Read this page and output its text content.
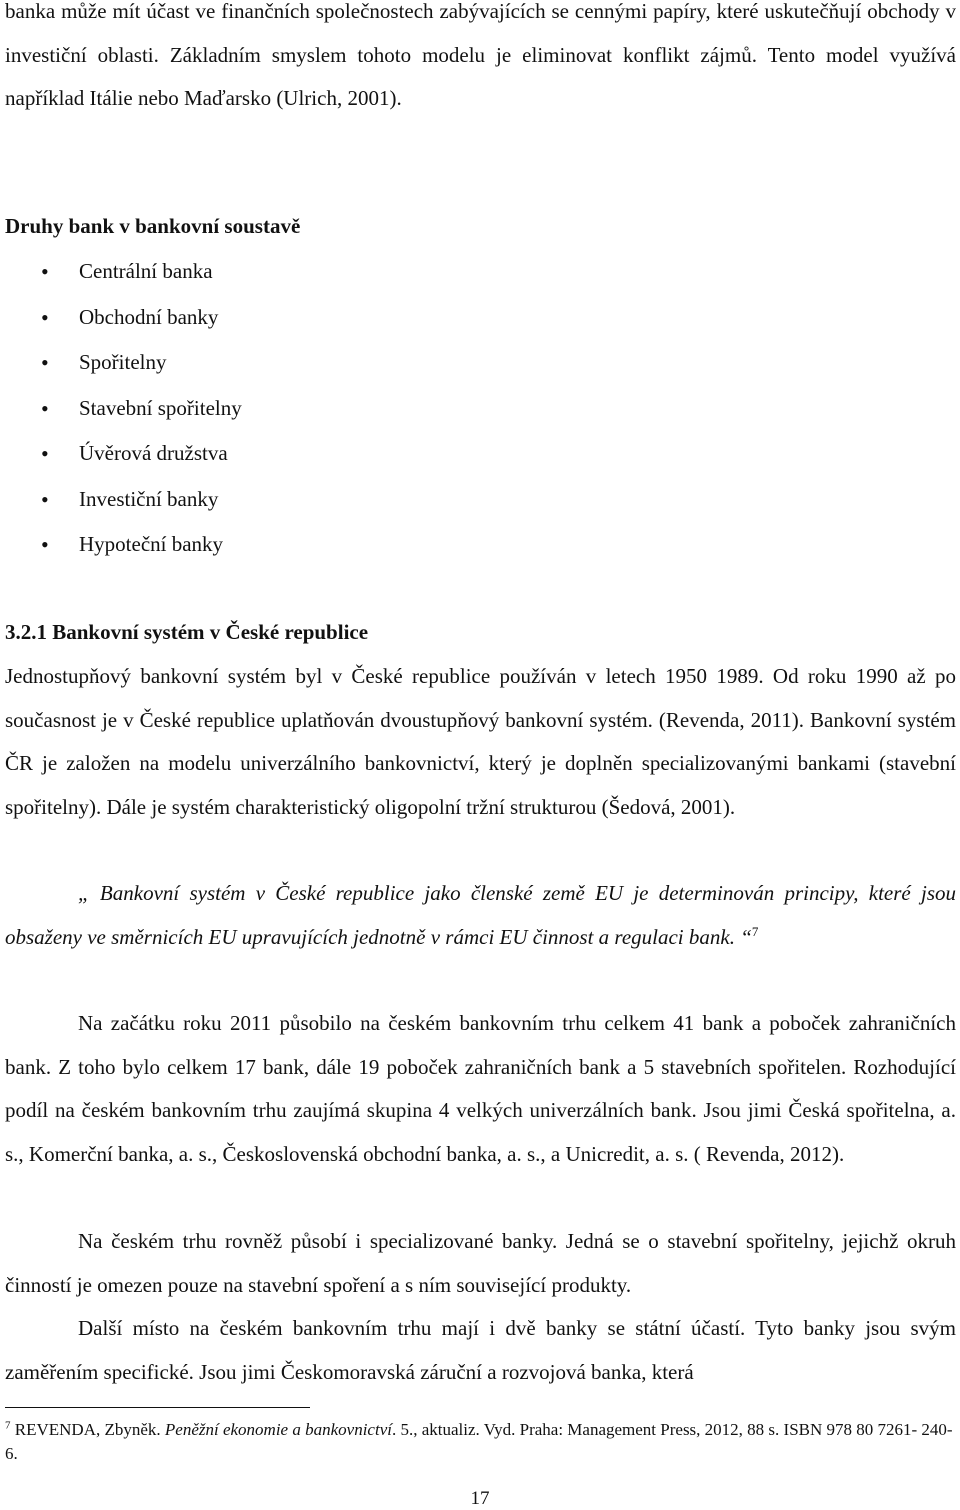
banka může mít účast ve finančních společnostech zabývajících se cennými papíry, které uskutečňují obchody v investiční oblasti. Základním smyslem tohoto modelu je eliminovat konflikt zájmů. Tento model využívá například Itálie nebo Maďarsko (Ulrich, 2001).

Druhy bank v bankovní soustavě

• Centrální banka
• Obchodní banky
• Spořitelny
• Stavební spořitelny
• Úvěrová družstva
• Investiční banky
• Hypoteční banky

3.2.1 Bankovní systém v České republice

Jednostupňový bankovní systém byl v České republice používán v letech 1950 1989. Od roku 1990 až po současnost je v České republice uplatňován dvoustupňový bankovní systém. (Revenda, 2011). Bankovní systém ČR je založen na modelu univerzálního bankovnictví, který je doplněn specializovanými bankami (stavební spořitelny). Dále je systém charakteristický oligopolní tržní strukturou (Šedová, 2001).

„ Bankovní systém v České republice jako členské země EU je determinován principy, které jsou obsaženy ve směrnicích EU upravujících jednotně v rámci EU činnost a regulaci bank. “$^7$

Na začátku roku 2011 působilo na českém bankovním trhu celkem 41 bank a poboček zahraničních bank. Z toho bylo celkem 17 bank, dále 19 poboček zahraničních bank a 5 stavebních spořitelen. Rozhodující podíl na českém bankovním trhu zaujímá skupina 4 velkých univerzálních bank. Jsou jimi Česká spořitelna, a. s., Komerční banka, a. s., Československá obchodní banka, a. s., a Unicredit, a. s. ( Revenda, 2012).

Na českém trhu rovněž působí i specializované banky. Jedná se o stavební spořitelny, jejichž okruh činností je omezen pouze na stavební spoření a s ním související produkty.

Další místo na českém bankovním trhu mají i dvě banky se státní účastí. Tyto banky jsou svým zaměřením specifické. Jsou jimi Českomoravská záruční a rozvojová banka, která

$^7$ REVENDA, Zbyněk. Peněžní ekonomie a bankovnictví. 5., aktualiz. Vyd. Praha: Management Press, 2012, 88 s. ISBN 978 80 7261- 240- 6.

17
